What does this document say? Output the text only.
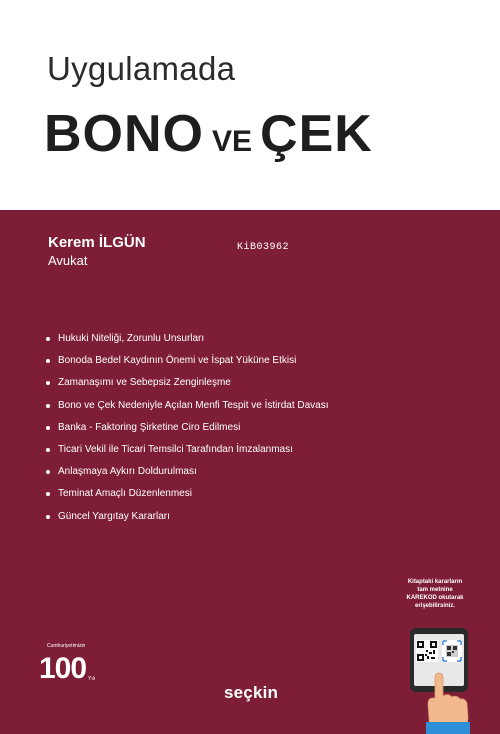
Uygulamada
BONO VE ÇEK
Kerem İLGÜN
Avukat
KiB03962
Hukuki Niteliği, Zorunlu Unsurları
Bonoda Bedel Kaydının Önemi ve İspat Yüküne Etkisi
Zamanaşımı ve Sebepsiz Zenginleşme
Bono ve Çek Nedeniyle Açılan Menfi Tespit ve İstirdat Davası
Banka - Faktoring Şirketine Ciro Edilmesi
Ticari Vekil ile Ticari Temsilci Tarafından İmzalanması
Anlaşmaya Aykırı Doldurulması
Teminat Amaçlı Düzenlenmesi
Güncel Yargıtay Kararları
Kitaptaki kararların
tam metnine
KAREKOD okutarak
erişebilirsiniz.
Cumhuriyetimizin
100 Yılı
seçkin
